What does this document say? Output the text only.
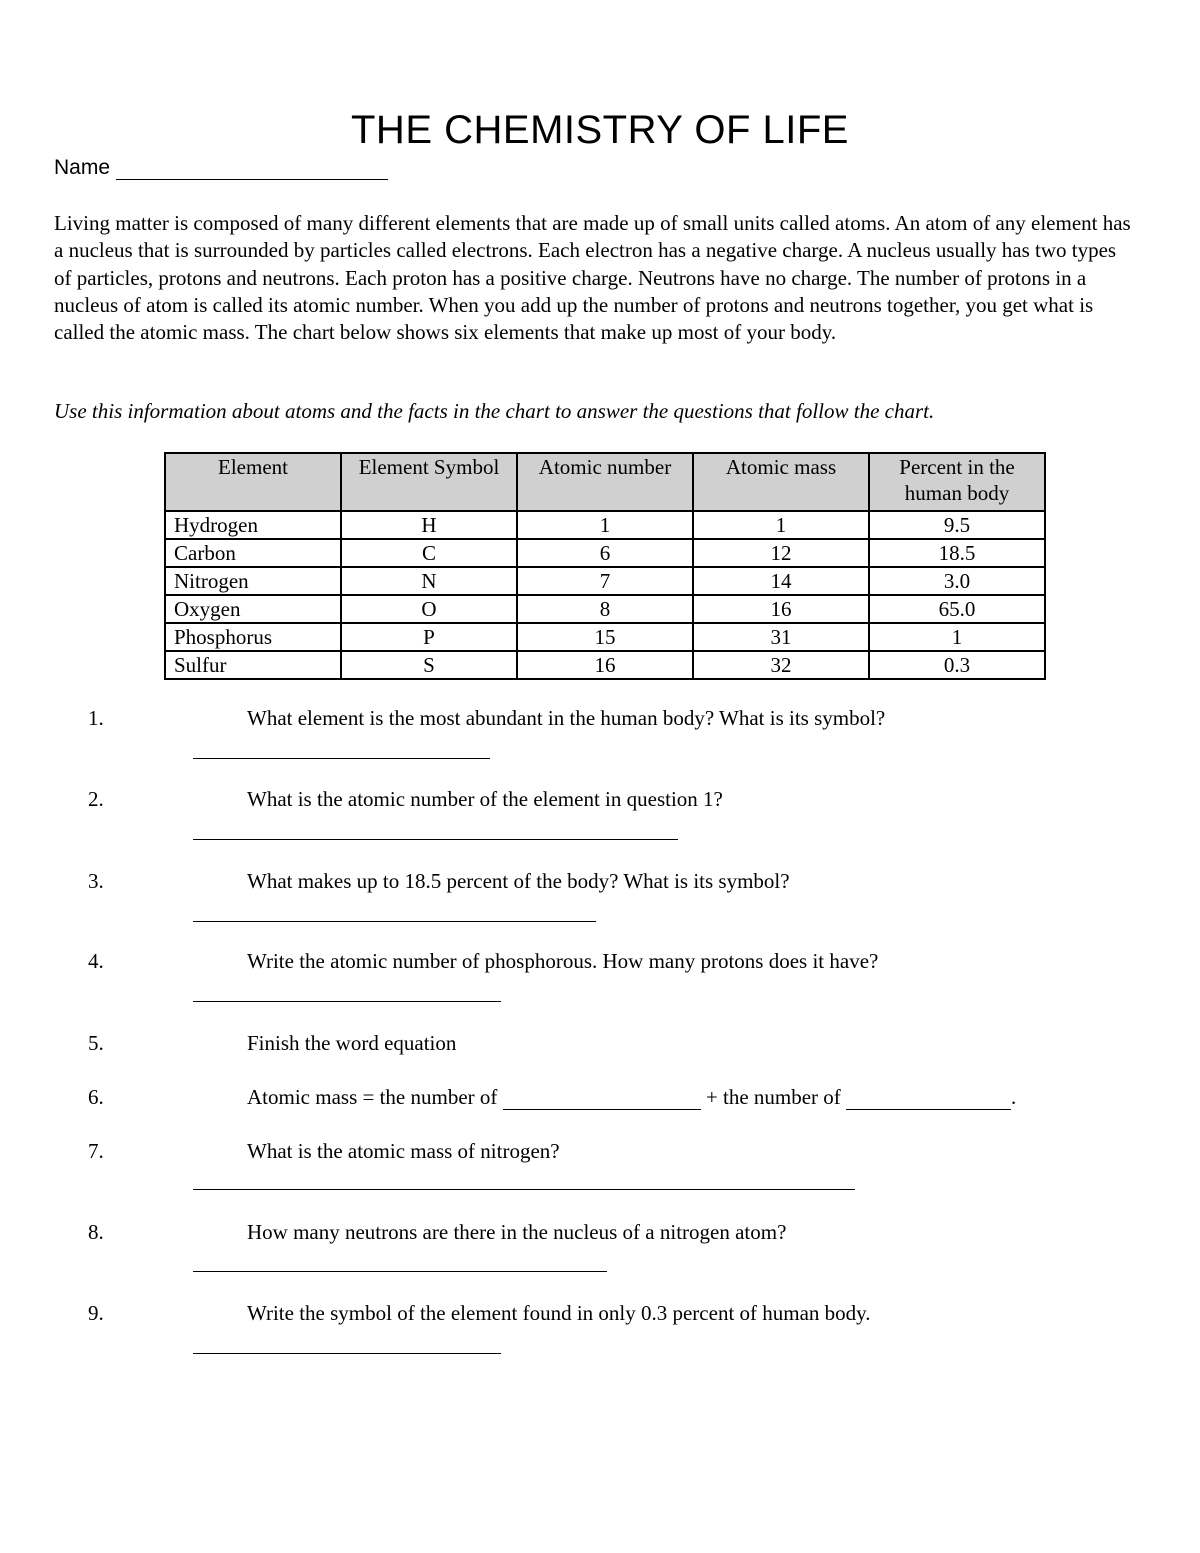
THE CHEMISTRY OF LIFE
Name

Living matter is composed of many different elements that are made up of small units called atoms. An atom of any element has a nucleus that is surrounded by particles called electrons. Each electron has a negative charge. A nucleus usually has two types of particles, protons and neutrons. Each proton has a positive charge. Neutrons have no charge. The number of protons in a nucleus of atom is called its atomic number. When you add up the number of protons and neutrons together, you get what is called the atomic mass. The chart below shows six elements that make up most of your body.

Use this information about atoms and the facts in the chart to answer the questions that follow the chart.

Element	Element Symbol	Atomic number	Atomic mass	Percent in the human body
Hydrogen	H	1	1	9.5
Carbon	C	6	12	18.5
Nitrogen	N	7	14	3.0
Oxygen	O	8	16	65.0
Phosphorus	P	15	31	1
Sulfur	S	16	32	0.3
1.	What element is the most abundant in the human body? What is its symbol?
2.	What is the atomic number of the element in question 1?
3.	What makes up to 18.5 percent of the body? What is its symbol?
4.	Write the atomic number of phosphorous. How many protons does it have?
5.	Finish the word equation
6.	Atomic mass = the number of	+ the number of	.
7.	What is the atomic mass of nitrogen?
8.	How many neutrons are there in the nucleus of a nitrogen atom?
9.	Write the symbol of the element found in only 0.3 percent of human body.
